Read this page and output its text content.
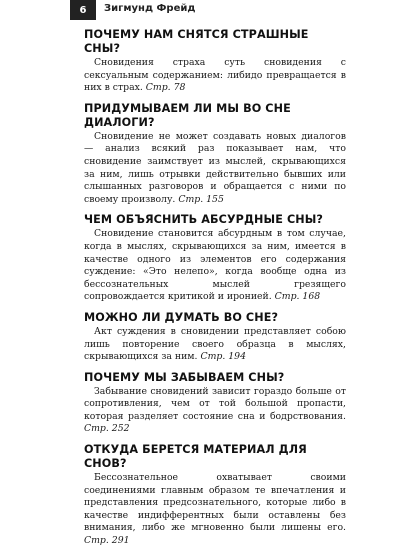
6	Зигмунд Фрейд
ПОЧЕМУ НАМ СНЯТСЯ СТРАШНЫЕ СНЫ?

Сновидения страха суть сновидения с сексуальным содержанием: либидо превращается в них в страх. Стр. 78

ПРИДУМЫВАЕМ ЛИ МЫ ВО СНЕ ДИАЛОГИ?

Сновидение не может создавать новых диалогов — анализ всякий раз показывает нам, что сновидение заимствует из мыслей, скрывающихся за ним, лишь отрывки действительно бывших или слышанных разговоров и обращается с ними по своему произволу. Стр. 155

ЧЕМ ОБЪЯСНИТЬ АБСУРДНЫЕ СНЫ?

Сновидение становится абсурдным в том случае, когда в мыслях, скрывающихся за ним, имеется в качестве одного из элементов его содержания суждение: «Это нелепо», когда вообще одна из бессознательных мыслей грезящего сопровождается критикой и иронией. Стр. 168

МОЖНО ЛИ ДУМАТЬ ВО СНЕ?

Акт суждения в сновидении представляет собою лишь повторение своего образца в мыслях, скрывающихся за ним. Стр. 194

ПОЧЕМУ МЫ ЗАБЫВАЕМ СНЫ?

Забывание сновидений зависит гораздо больше от сопротивления, чем от той большой пропасти, которая разделяет состояние сна и бодрствования. Стр. 252

ОТКУДА БЕРЕТСЯ МАТЕРИАЛ ДЛЯ СНОВ?

Бессознательное охватывает своими соединениями главным образом те впечатления и представления предсознательного, которые либо в качестве индифферентных были оставлены без внимания, либо же мгновенно были лишены его. Стр. 291
